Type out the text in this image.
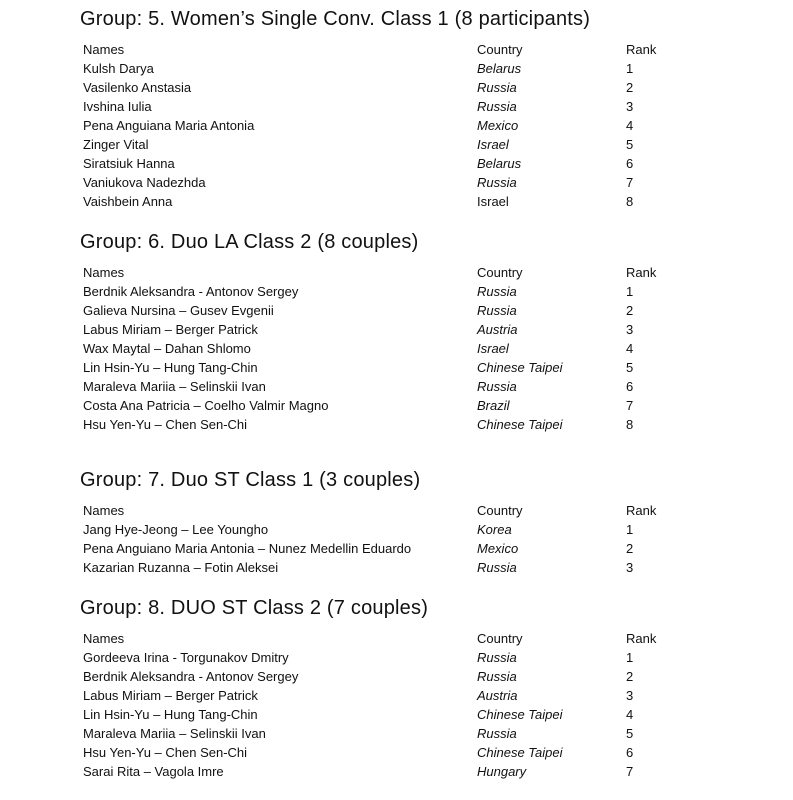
Group: 5. Women’s Single Conv. Class 1 (8 participants)
Names	Country	Rank
Kulsh Darya	Belarus	1
Vasilenko Anstasia	Russia	2
Ivshina Iulia	Russia	3
Pena Anguiana Maria Antonia	Mexico	4
Zinger Vital	Israel	5
Siratsiuk Hanna	Belarus	6
Vaniukova Nadezhda	Russia	7
Vaishbein Anna	Israel	8
Group: 6. Duo LA Class 2 (8 couples)
Names	Country	Rank
Berdnik Aleksandra - Antonov Sergey	Russia	1
Galieva Nursina – Gusev Evgenii	Russia	2
Labus Miriam – Berger Patrick	Austria	3
Wax Maytal – Dahan Shlomo	Israel	4
Lin Hsin-Yu – Hung Tang-Chin	Chinese Taipei	5
Maraleva Mariia – Selinskii Ivan	Russia	6
Costa Ana Patricia – Coelho Valmir Magno	Brazil	7
Hsu Yen-Yu – Chen Sen-Chi	Chinese Taipei	8
Group: 7. Duo ST Class 1 (3 couples)
Names	Country	Rank
Jang Hye-Jeong – Lee Youngho	Korea	1
Pena Anguiano Maria Antonia – Nunez Medellin Eduardo	Mexico	2
Kazarian Ruzanna – Fotin Aleksei	Russia	3
Group: 8. DUO ST Class 2 (7 couples)
Names	Country	Rank
Gordeeva Irina - Torgunakov Dmitry	Russia	1
Berdnik Aleksandra - Antonov Sergey	Russia	2
Labus Miriam – Berger Patrick	Austria	3
Lin Hsin-Yu – Hung Tang-Chin	Chinese Taipei	4
Maraleva Mariia – Selinskii Ivan	Russia	5
Hsu Yen-Yu – Chen Sen-Chi	Chinese Taipei	6
Sarai Rita – Vagola Imre	Hungary	7
